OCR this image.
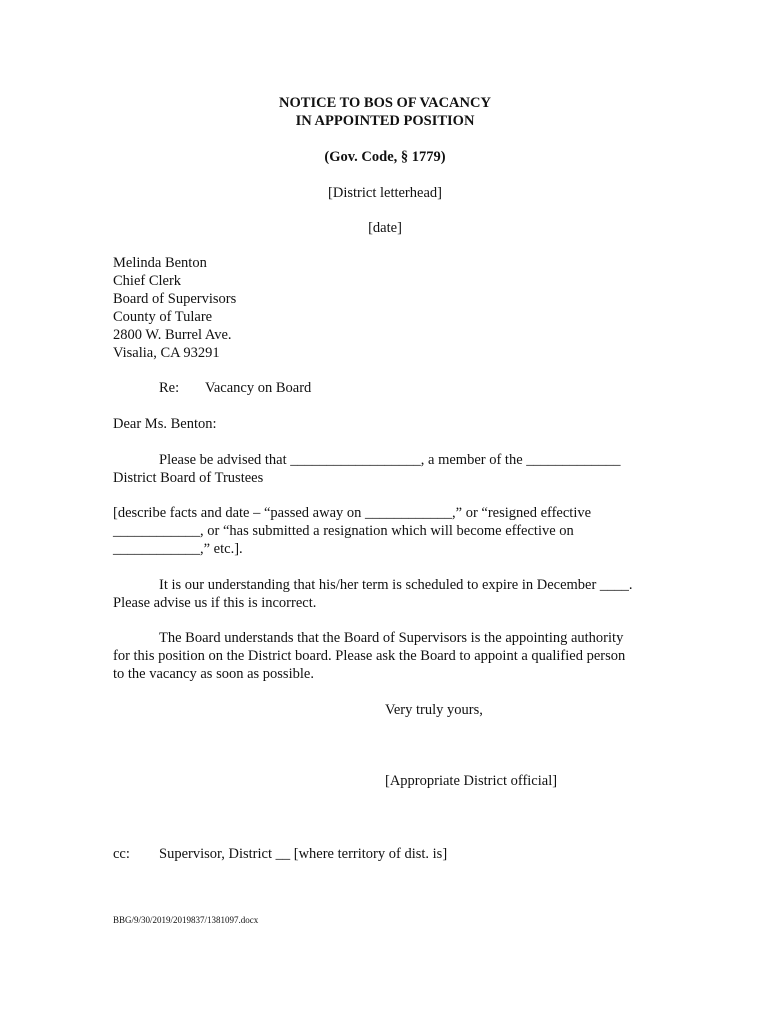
NOTICE TO BOS OF VACANCY
IN APPOINTED POSITION
(Gov. Code, § 1779)
[District letterhead]
[date]
Melinda Benton
Chief Clerk
Board of Supervisors
County of Tulare
2800 W. Burrel Ave.
Visalia, CA 93291
Re: Vacancy on Board
Dear Ms. Benton:
Please be advised that __________________, a member of the _____________
District Board of Trustees
[describe facts and date – “passed away on ____________,” or “resigned effective
____________, or “has submitted a resignation which will become effective on
____________,” etc.].
It is our understanding that his/her term is scheduled to expire in December ____.
Please advise us if this is incorrect.
The Board understands that the Board of Supervisors is the appointing authority
for this position on the District board. Please ask the Board to appoint a qualified person
to the vacancy as soon as possible.
Very truly yours,
[Appropriate District official]
cc: Supervisor, District __ [where territory of dist. is]
BBG/9/30/2019/2019837/1381097.docx
